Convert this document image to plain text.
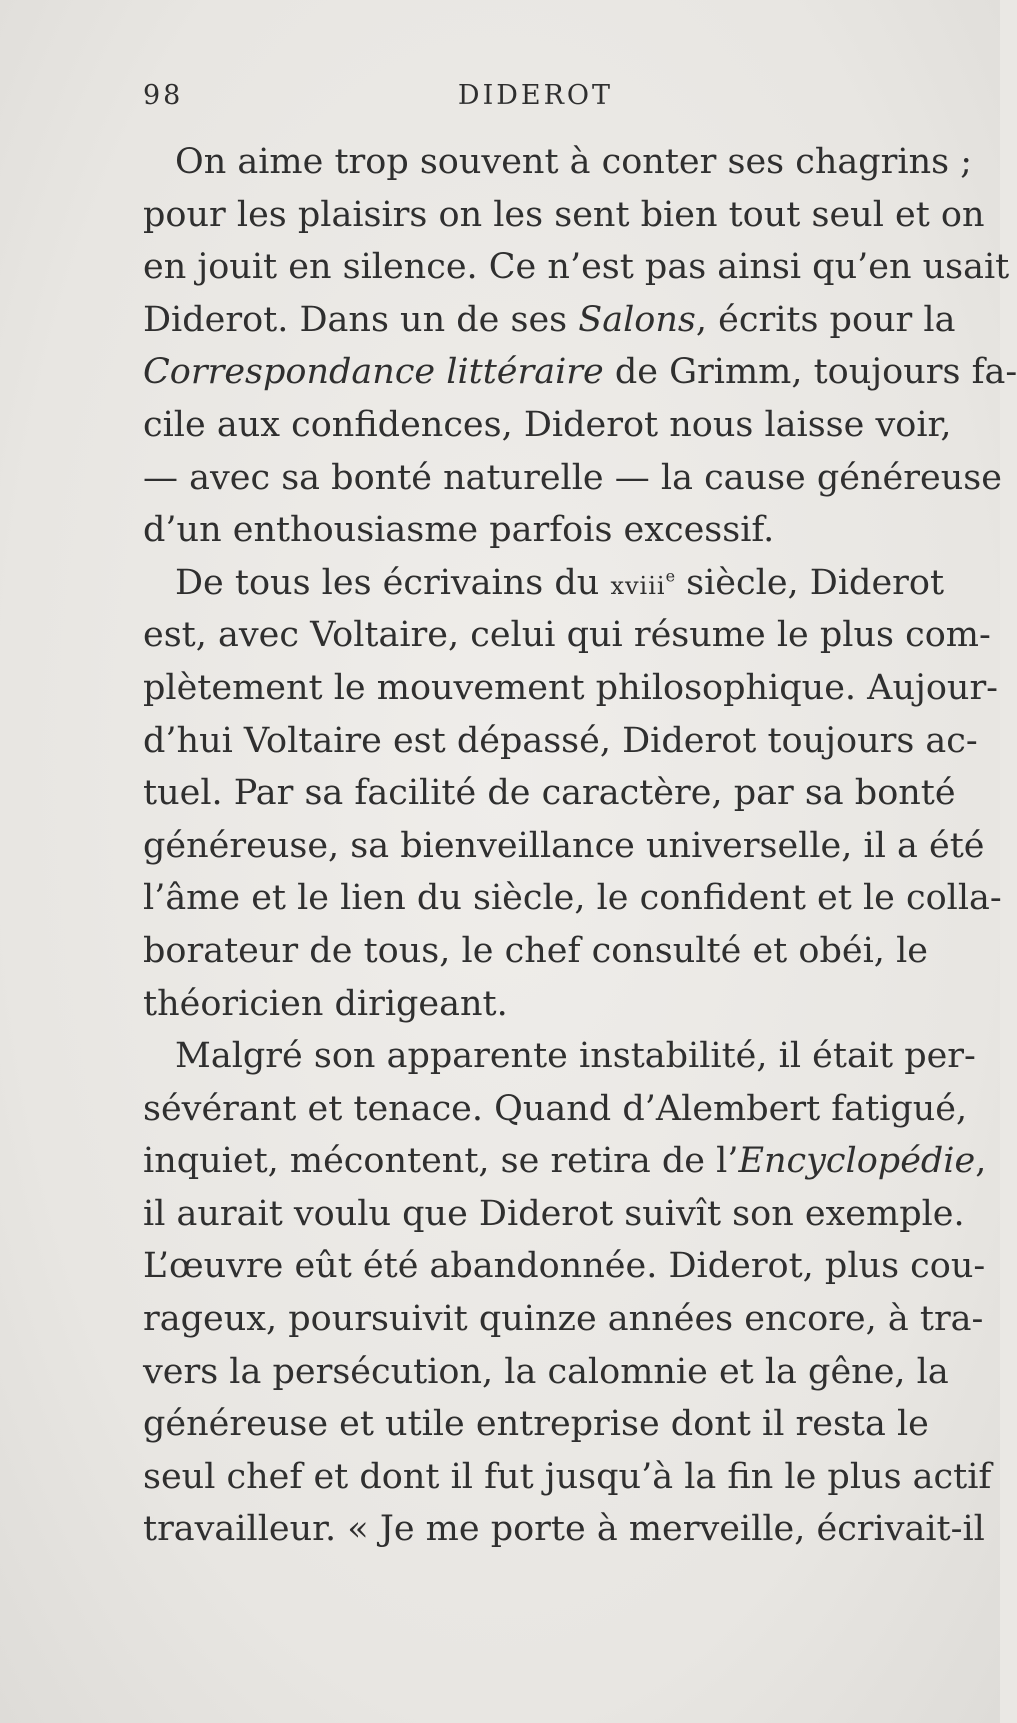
98	DIDEROT
On aime trop souvent à conter ses chagrins ;
pour les plaisirs on les sent bien tout seul et on
en jouit en silence. Ce n’est pas ainsi qu’en usait
Diderot. Dans un de ses Salons, écrits pour la
Correspondance littéraire de Grimm, toujours fa-
cile aux confidences, Diderot nous laisse voir,
— avec sa bonté naturelle — la cause généreuse
d’un enthousiasme parfois excessif.
De tous les écrivains du xviii$^e$ siècle, Diderot
est, avec Voltaire, celui qui résume le plus com-
plètement le mouvement philosophique. Aujour-
d’hui Voltaire est dépassé, Diderot toujours ac-
tuel. Par sa facilité de caractère, par sa bonté
généreuse, sa bienveillance universelle, il a été
l’âme et le lien du siècle, le confident et le colla-
borateur de tous, le chef consulté et obéi, le
théoricien dirigeant.
Malgré son apparente instabilité, il était per-
sévérant et tenace. Quand d’Alembert fatigué,
inquiet, mécontent, se retira de l’Encyclopédie,
il aurait voulu que Diderot suivît son exemple.
L’œuvre eût été abandonnée. Diderot, plus cou-
rageux, poursuivit quinze années encore, à tra-
vers la persécution, la calomnie et la gêne, la
généreuse et utile entreprise dont il resta le
seul chef et dont il fut jusqu’à la fin le plus actif
travailleur. « Je me porte à merveille, écrivait-il
